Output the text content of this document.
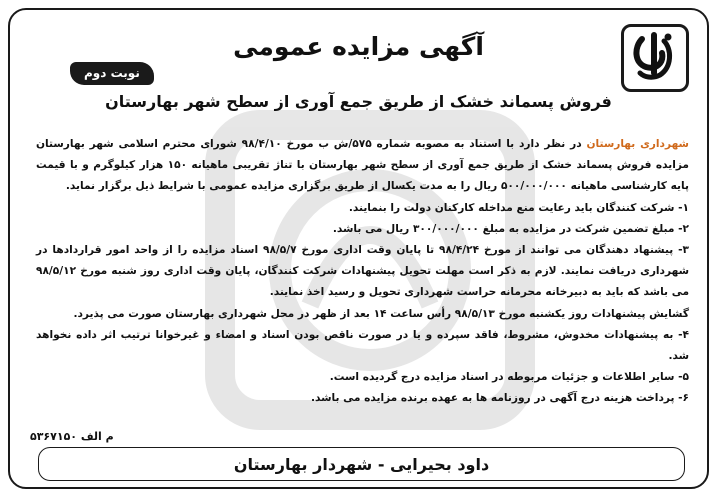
نوبت دوم
آگهی مزایده عمومی
فروش پسماند خشک از طریق جمع آوری از سطح شهر بهارستان

شهرداری بهارستان در نظر دارد با استناد به مصوبه شماره ۵۷۵/ش ب مورخ ۹۸/۴/۱۰ شورای محترم اسلامی شهر بهارستان مزایده فروش پسماند خشک از طریق جمع آوری از سطح شهر بهارستان با تناژ تقریبی ماهیانه ۱۵۰ هزار کیلوگرم و با قیمت پایه کارشناسی ماهیانه ۵۰۰/۰۰۰/۰۰۰ ریال را به مدت یکسال از طریق برگزاری مزایده عمومی با شرایط ذیل برگزار نماید.

۱- شرکت کنندگان باید رعایت منع مداخله کارکنان دولت را بنمایند.

۲- مبلغ تضمین شرکت در مزایده به مبلغ ۳۰۰/۰۰۰/۰۰۰ ریال می باشد.

۳- پیشنهاد دهندگان می توانند از مورخ ۹۸/۴/۲۴ تا پایان وقت اداری مورخ ۹۸/۵/۷ اسناد مزایده را از واحد امور قراردادها در شهرداری دریافت نمایند. لازم به ذکر است مهلت تحویل پیشنهادات شرکت کنندگان، پایان وقت اداری روز شنبه مورخ ۹۸/۵/۱۲ می باشد که باید به دبیرخانه محرمانه حراست شهرداری تحویل و رسید اخذ نمایند.

گشایش پیشنهادات روز یکشنبه مورخ ۹۸/۵/۱۳ رأس ساعت ۱۴ بعد از ظهر در محل شهرداری بهارستان صورت می پذیرد.

۴- به پیشنهادات مخدوش، مشروط، فاقد سپرده و یا در صورت ناقص بودن اسناد و امضاء و غیرخوانا ترتیب اثر داده نخواهد شد.

۵- سایر اطلاعات و جزئیات مربوطه در اسناد مزایده درج گردیده است.

۶- پرداخت هزینه درج آگهی در روزنامه ها به عهده برنده مزایده می باشد.

م الف ۵۳۶۷۱۵۰
داود بحیرایی - شهردار بهارستان
